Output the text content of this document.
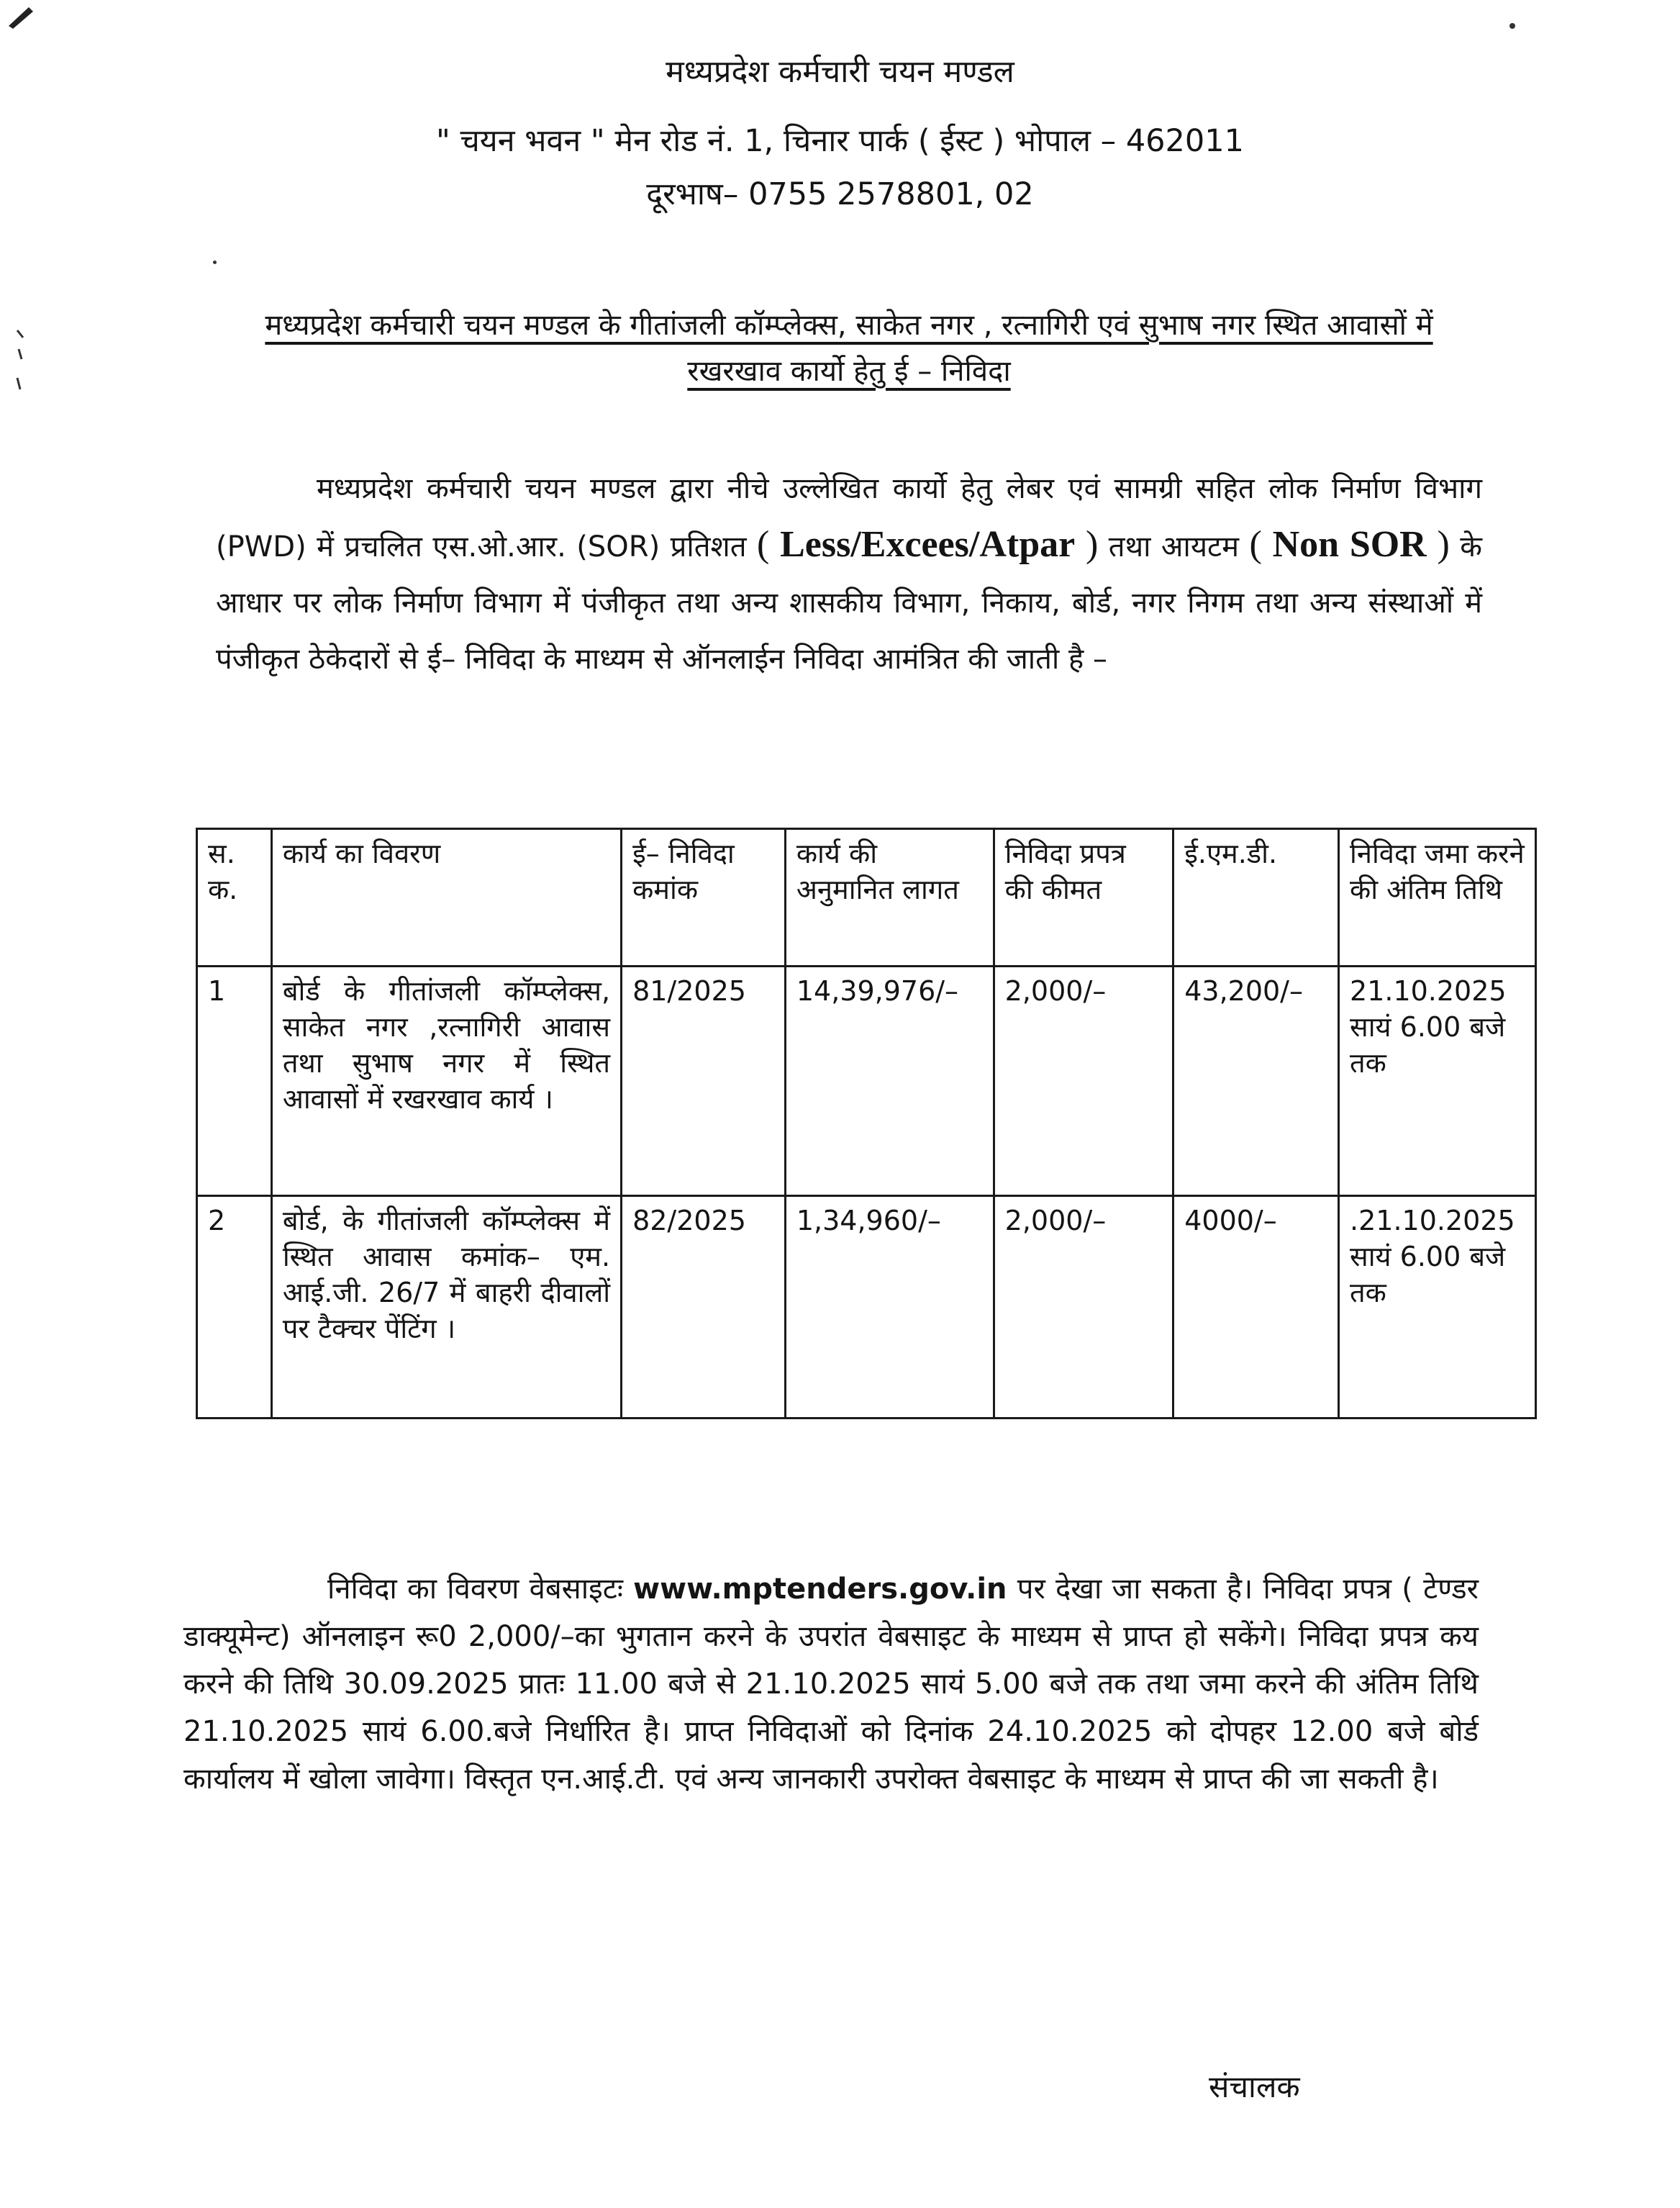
मध्यप्रदेश कर्मचारी चयन मण्डल
" चयन भवन " मेन रोड नं. 1, चिनार पार्क ( ईस्ट ) भोपाल – 462011
दूरभाष– 0755 2578801, 02
मध्यप्रदेश कर्मचारी चयन मण्डल के गीतांजली कॉम्प्लेक्स, साकेत नगर , रत्नागिरी एवं सुभाष नगर स्थित आवासों में रखरखाव कार्यो हेतु ई – निविदा
मध्यप्रदेश कर्मचारी चयन मण्डल द्वारा नीचे उल्लेखित कार्यो हेतु लेबर एवं सामग्री सहित लोक निर्माण विभाग (PWD) में प्रचलित एस.ओ.आर. (SOR) प्रतिशत ( Less/Excees/Atpar ) तथा आयटम ( Non SOR ) के आधार पर लोक निर्माण विभाग में पंजीकृत तथा अन्य शासकीय विभाग, निकाय, बोर्ड, नगर निगम तथा अन्य संस्थाओं में पंजीकृत ठेकेदारों से ई– निविदा के माध्यम से ऑनलाईन निविदा आमंत्रित की जाती है –
स. क.	कार्य का विवरण	ई– निविदा कमांक	कार्य की अनुमानित लागत	निविदा प्रपत्र की कीमत	ई.एम.डी.	निविदा जमा करने की अंतिम तिथि
1	बोर्ड के गीतांजली कॉम्प्लेक्स, साकेत नगर ,रत्नागिरी आवास तथा सुभाष नगर में स्थित आवासों में रखरखाव कार्य ।	81/2025	14,39,976/–	2,000/–	43,200/–	21.10.2025 सायं 6.00 बजे तक
2	बोर्ड, के गीतांजली कॉम्प्लेक्स में स्थित आवास कमांक– एम. आई.जी. 26/7 में बाहरी दीवालों पर टैक्चर पेंटिंग ।	82/2025	1,34,960/–	2,000/–	4000/–	.21.10.2025 सायं 6.00 बजे तक
निविदा का विवरण वेबसाइटः www.mptenders.gov.in पर देखा जा सकता है। निविदा प्रपत्र ( टेण्डर डाक्यूमेन्ट) ऑनलाइन रू0 2,000/–का भुगतान करने के उपरांत वेबसाइट के माध्यम से प्राप्त हो सकेंगे। निविदा प्रपत्र कय करने की तिथि 30.09.2025 प्रातः 11.00 बजे से 21.10.2025 सायं 5.00 बजे तक तथा जमा करने की अंतिम तिथि 21.10.2025 सायं 6.00.बजे निर्धारित है। प्राप्त निविदाओं को दिनांक 24.10.2025 को दोपहर 12.00 बजे बोर्ड कार्यालय में खोला जावेगा। विस्तृत एन.आई.टी. एवं अन्य जानकारी उपरोक्त वेबसाइट के माध्यम से प्राप्त की जा सकती है।
संचालक
